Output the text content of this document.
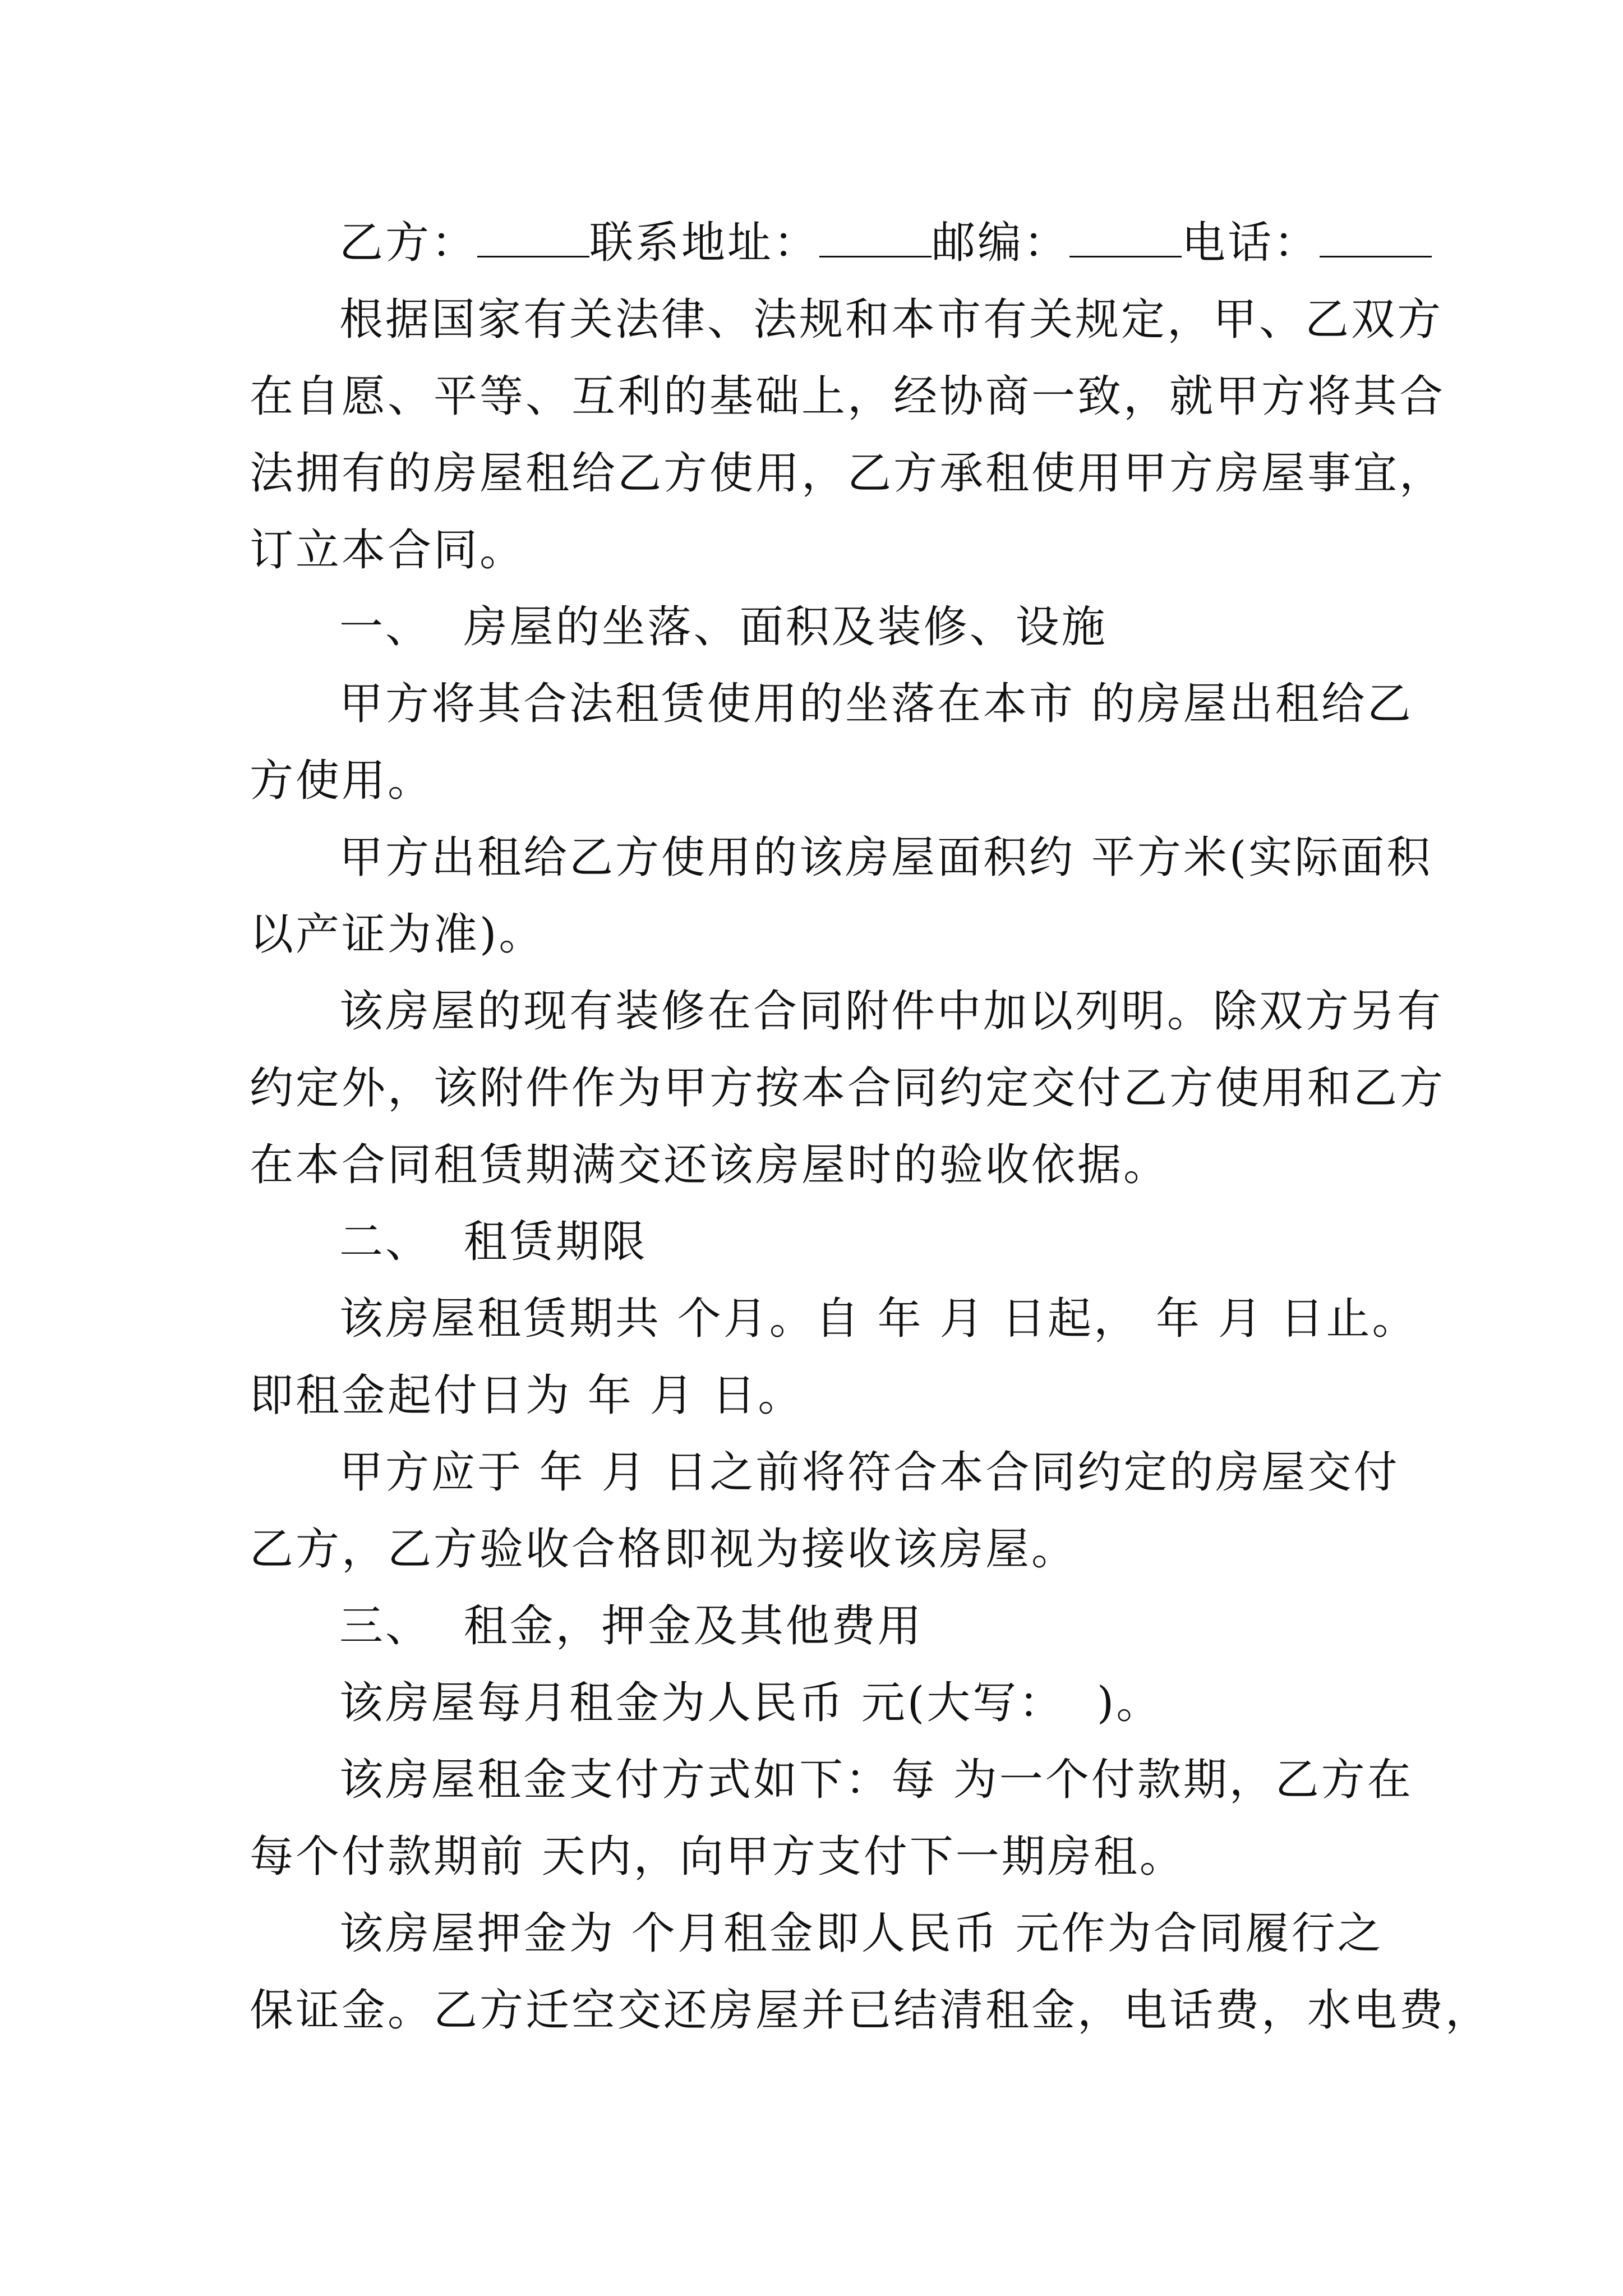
乙方：	联系地址：	邮编：	电话：
根据国家有关法律、法规和本市有关规定，甲、乙双方
在自愿、平等、互利的基础上，经协商一致，就甲方将其合
法拥有的房屋租给乙方使用，乙方承租使用甲方房屋事宜，
订立本合同。
一、  房屋的坐落、面积及装修、设施
甲方将其合法租赁使用的坐落在本市 的房屋出租给乙
方使用。
甲方出租给乙方使用的该房屋面积约 平方米(实际面积
以产证为准)。
该房屋的现有装修在合同附件中加以列明。除双方另有
约定外，该附件作为甲方按本合同约定交付乙方使用和乙方
在本合同租赁期满交还该房屋时的验收依据。
二、  租赁期限
该房屋租赁期共 个月。自 年 月 日起， 年 月 日止。
即租金起付日为 年 月 日。
甲方应于 年 月 日之前将符合本合同约定的房屋交付
乙方，乙方验收合格即视为接收该房屋。
三、  租金，押金及其他费用
该房屋每月租金为人民币 元(大写：  )。
该房屋租金支付方式如下：每 为一个付款期，乙方在
每个付款期前 天内，向甲方支付下一期房租。
该房屋押金为 个月租金即人民币 元作为合同履行之
保证金。乙方迁空交还房屋并已结清租金，电话费，水电费，
